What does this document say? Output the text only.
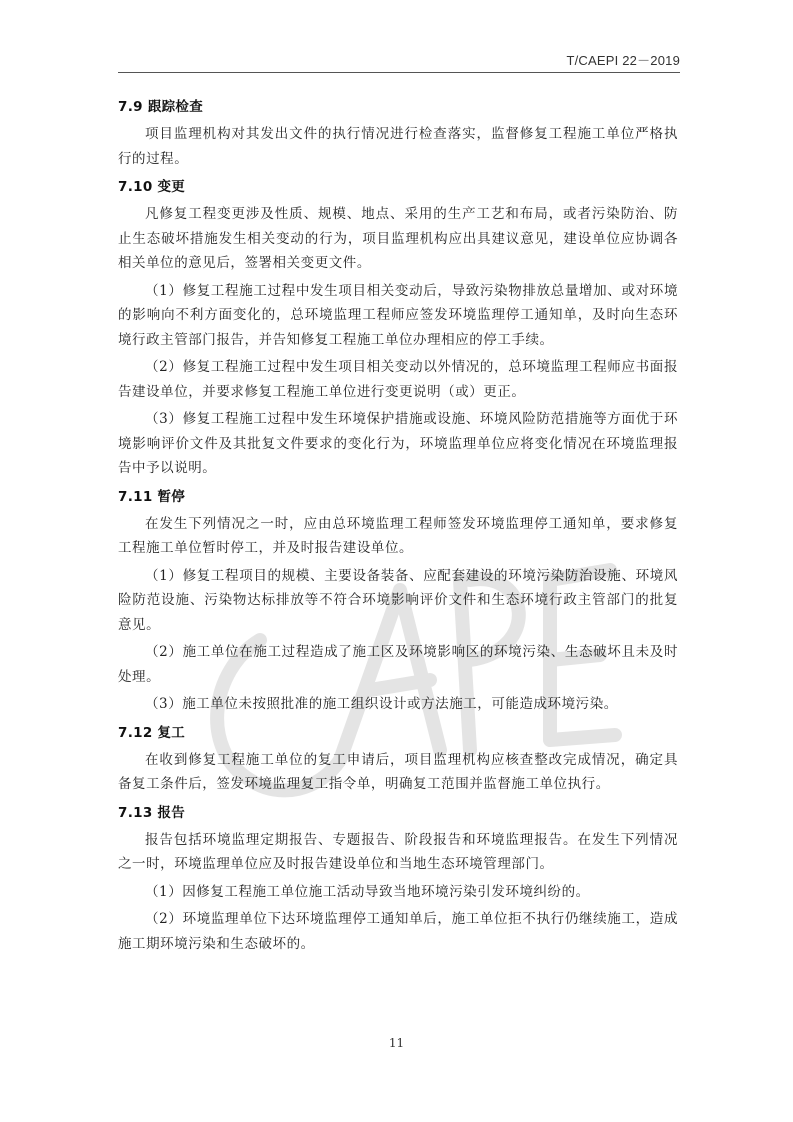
T/CAEPI 22－2019
7.9 跟踪检查

项目监理机构对其发出文件的执行情况进行检查落实，监督修复工程施工单位严格执行的过程。

7.10 变更

凡修复工程变更涉及性质、规模、地点、采用的生产工艺和布局，或者污染防治、防止生态破坏措施发生相关变动的行为，项目监理机构应出具建议意见，建设单位应协调各相关单位的意见后，签署相关变更文件。

（1）修复工程施工过程中发生项目相关变动后，导致污染物排放总量增加、或对环境的影响向不利方面变化的，总环境监理工程师应签发环境监理停工通知单，及时向生态环境行政主管部门报告，并告知修复工程施工单位办理相应的停工手续。

（2）修复工程施工过程中发生项目相关变动以外情况的，总环境监理工程师应书面报告建设单位，并要求修复工程施工单位进行变更说明（或）更正。

（3）修复工程施工过程中发生环境保护措施或设施、环境风险防范措施等方面优于环境影响评价文件及其批复文件要求的变化行为，环境监理单位应将变化情况在环境监理报告中予以说明。

7.11 暂停

在发生下列情况之一时，应由总环境监理工程师签发环境监理停工通知单，要求修复工程施工单位暂时停工，并及时报告建设单位。

（1）修复工程项目的规模、主要设备装备、应配套建设的环境污染防治设施、环境风险防范设施、污染物达标排放等不符合环境影响评价文件和生态环境行政主管部门的批复意见。

（2）施工单位在施工过程造成了施工区及环境影响区的环境污染、生态破坏且未及时处理。

（3）施工单位未按照批准的施工组织设计或方法施工，可能造成环境污染。

7.12 复工

在收到修复工程施工单位的复工申请后，项目监理机构应核查整改完成情况，确定具备复工条件后，签发环境监理复工指令单，明确复工范围并监督施工单位执行。

7.13 报告

报告包括环境监理定期报告、专题报告、阶段报告和环境监理报告。在发生下列情况之一时，环境监理单位应及时报告建设单位和当地生态环境管理部门。

（1）因修复工程施工单位施工活动导致当地环境污染引发环境纠纷的。

（2）环境监理单位下达环境监理停工通知单后，施工单位拒不执行仍继续施工，造成施工期环境污染和生态破坏的。

11
